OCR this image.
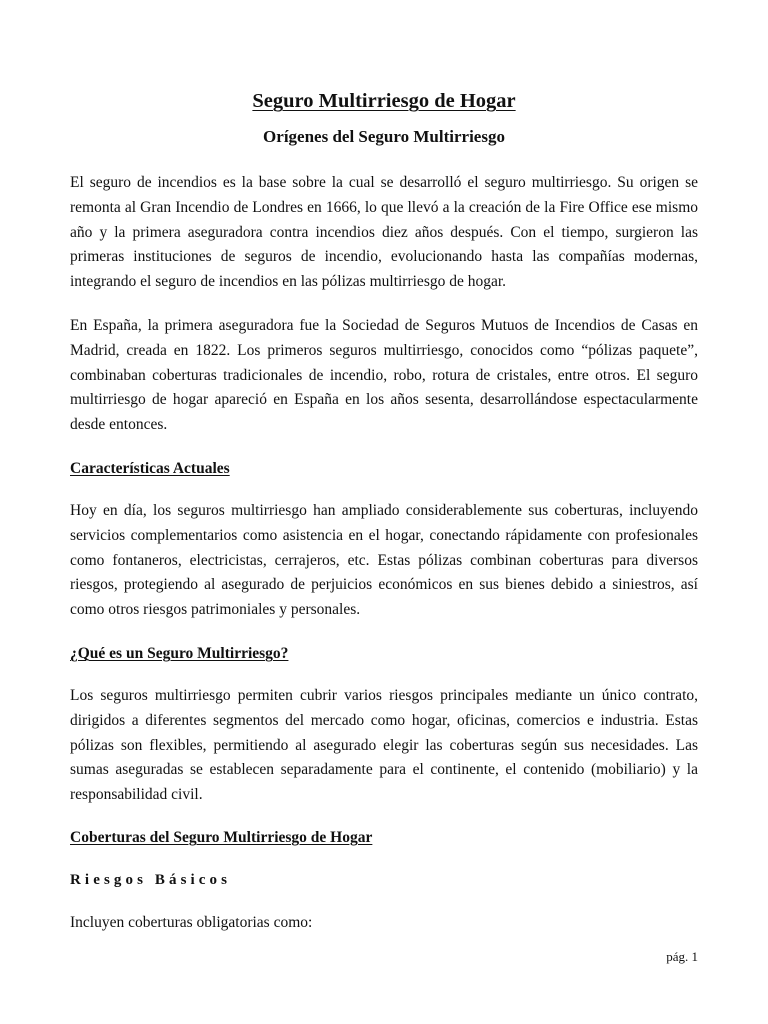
Seguro Multirriesgo de Hogar
Orígenes del Seguro Multirriesgo

El seguro de incendios es la base sobre la cual se desarrolló el seguro multirriesgo. Su origen se remonta al Gran Incendio de Londres en 1666, lo que llevó a la creación de la Fire Office ese mismo año y la primera aseguradora contra incendios diez años después. Con el tiempo, surgieron las primeras instituciones de seguros de incendio, evolucionando hasta las compañías modernas, integrando el seguro de incendios en las pólizas multirriesgo de hogar.

En España, la primera aseguradora fue la Sociedad de Seguros Mutuos de Incendios de Casas en Madrid, creada en 1822. Los primeros seguros multirriesgo, conocidos como “pólizas paquete”, combinaban coberturas tradicionales de incendio, robo, rotura de cristales, entre otros. El seguro multirriesgo de hogar apareció en España en los años sesenta, desarrollándose espectacularmente desde entonces.

Características Actuales

Hoy en día, los seguros multirriesgo han ampliado considerablemente sus coberturas, incluyendo servicios complementarios como asistencia en el hogar, conectando rápidamente con profesionales como fontaneros, electricistas, cerrajeros, etc. Estas pólizas combinan coberturas para diversos riesgos, protegiendo al asegurado de perjuicios económicos en sus bienes debido a siniestros, así como otros riesgos patrimoniales y personales.

¿Qué es un Seguro Multirriesgo?

Los seguros multirriesgo permiten cubrir varios riesgos principales mediante un único contrato, dirigidos a diferentes segmentos del mercado como hogar, oficinas, comercios e industria. Estas pólizas son flexibles, permitiendo al asegurado elegir las coberturas según sus necesidades. Las sumas aseguradas se establecen separadamente para el continente, el contenido (mobiliario) y la responsabilidad civil.

Coberturas del Seguro Multirriesgo de Hogar
Riesgos Básicos

Incluyen coberturas obligatorias como:

pág. 1
